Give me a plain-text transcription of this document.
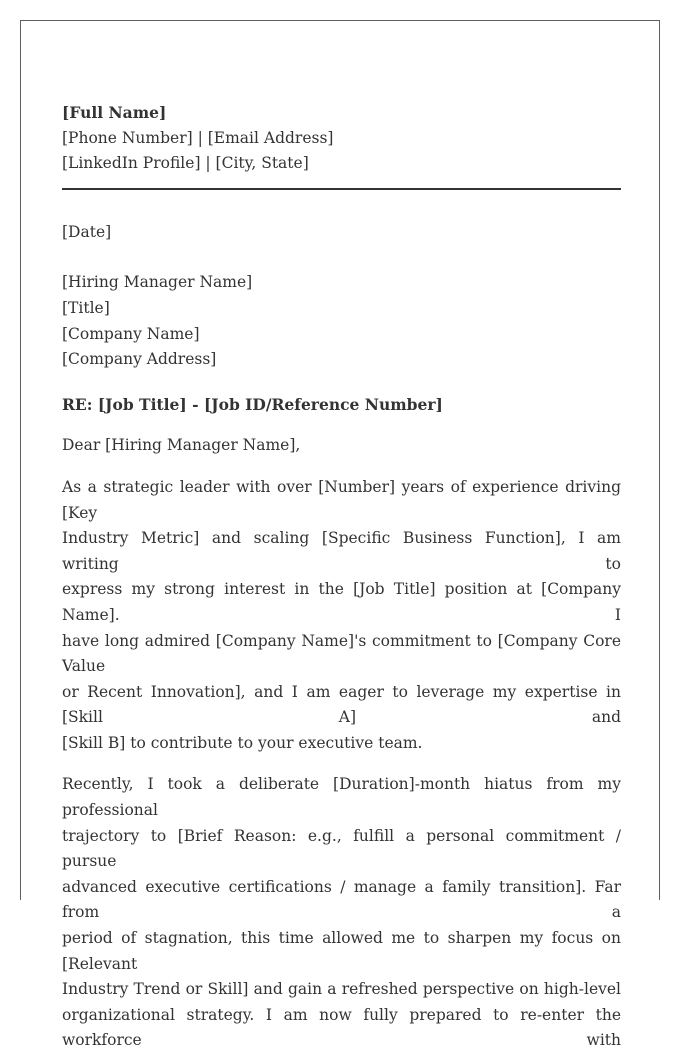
[Full Name]
[Phone Number] | [Email Address]
[LinkedIn Profile] | [City, State]
[Date]
[Hiring Manager Name]
[Title]
[Company Name]
[Company Address]
RE: [Job Title] - [Job ID/Reference Number]
Dear [Hiring Manager Name],
As a strategic leader with over [Number] years of experience driving [Key
Industry Metric] and scaling [Specific Business Function], I am writing to
express my strong interest in the [Job Title] position at [Company Name]. I
have long admired [Company Name]'s commitment to [Company Core Value
or Recent Innovation], and I am eager to leverage my expertise in [Skill A] and
[Skill B] to contribute to your executive team.
Recently, I took a deliberate [Duration]-month hiatus from my professional
trajectory to [Brief Reason: e.g., fulfill a personal commitment / pursue
advanced executive certifications / manage a family transition]. Far from a
period of stagnation, this time allowed me to sharpen my focus on [Relevant
Industry Trend or Skill] and gain a refreshed perspective on high-level
organizational strategy. I am now fully prepared to re-enter the workforce with
